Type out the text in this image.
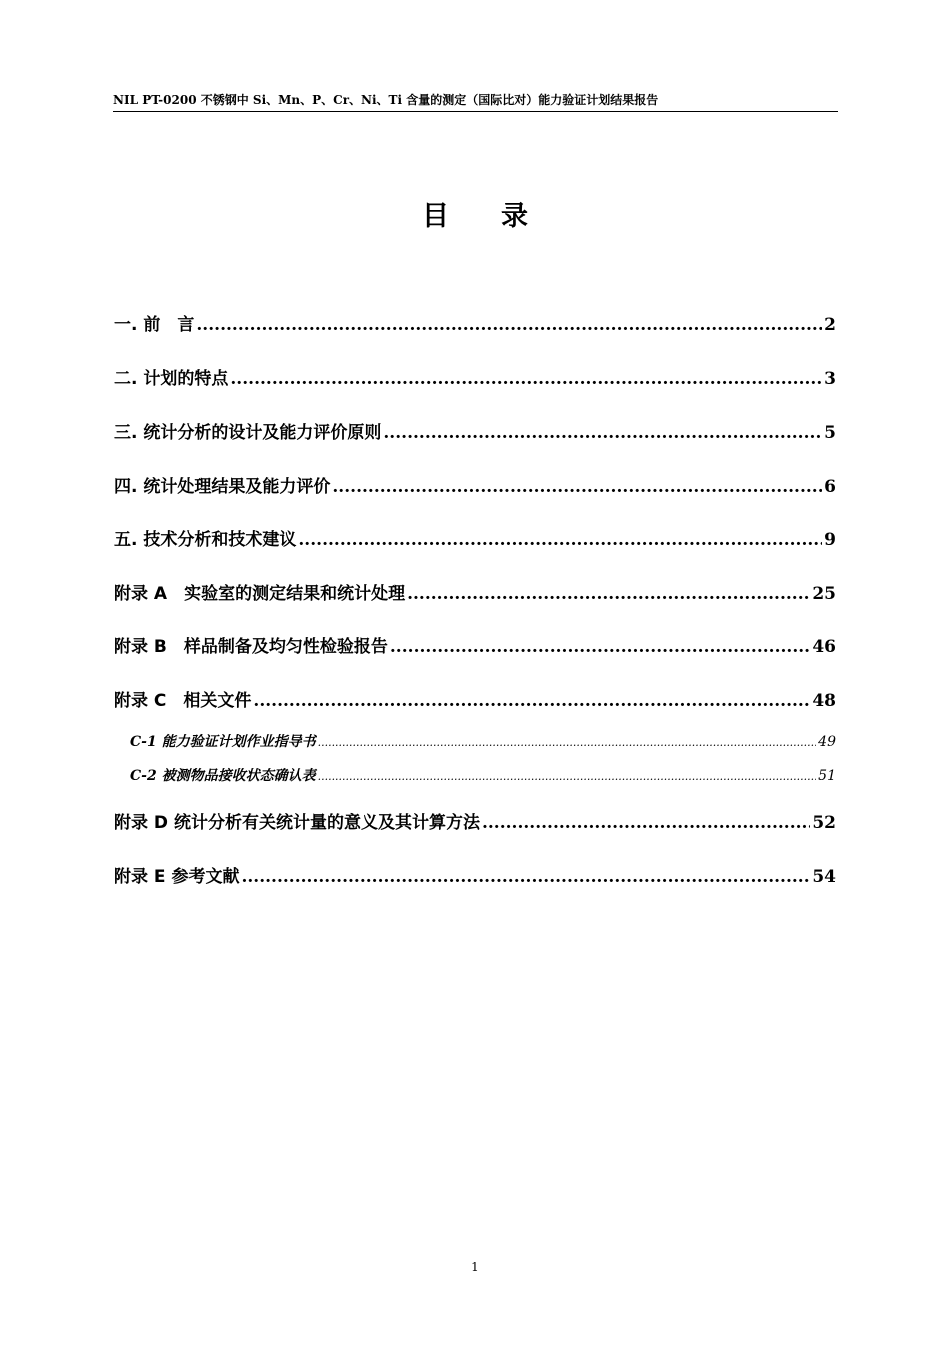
NIL PT-0200 不锈钢中 Si、Mn、P、Cr、Ni、Ti 含量的测定（国际比对）能力验证计划结果报告
目录
一. 前　言 .....	2
二. 计划的特点 .....	3
三. 统计分析的设计及能力评价原则 .....	5
四. 统计处理结果及能力评价 .....	6
五. 技术分析和技术建议 .....	9
附录 A　实验室的测定结果和统计处理 .....	25
附录 B　样品制备及均匀性检验报告 .....	46
附录 C　相关文件 .....	48
C-1 能力验证计划作业指导书 .....	49
C-2 被测物品接收状态确认表 .....	51
附录 D 统计分析有关统计量的意义及其计算方法 .....	52
附录 E 参考文献 .....	54
1
